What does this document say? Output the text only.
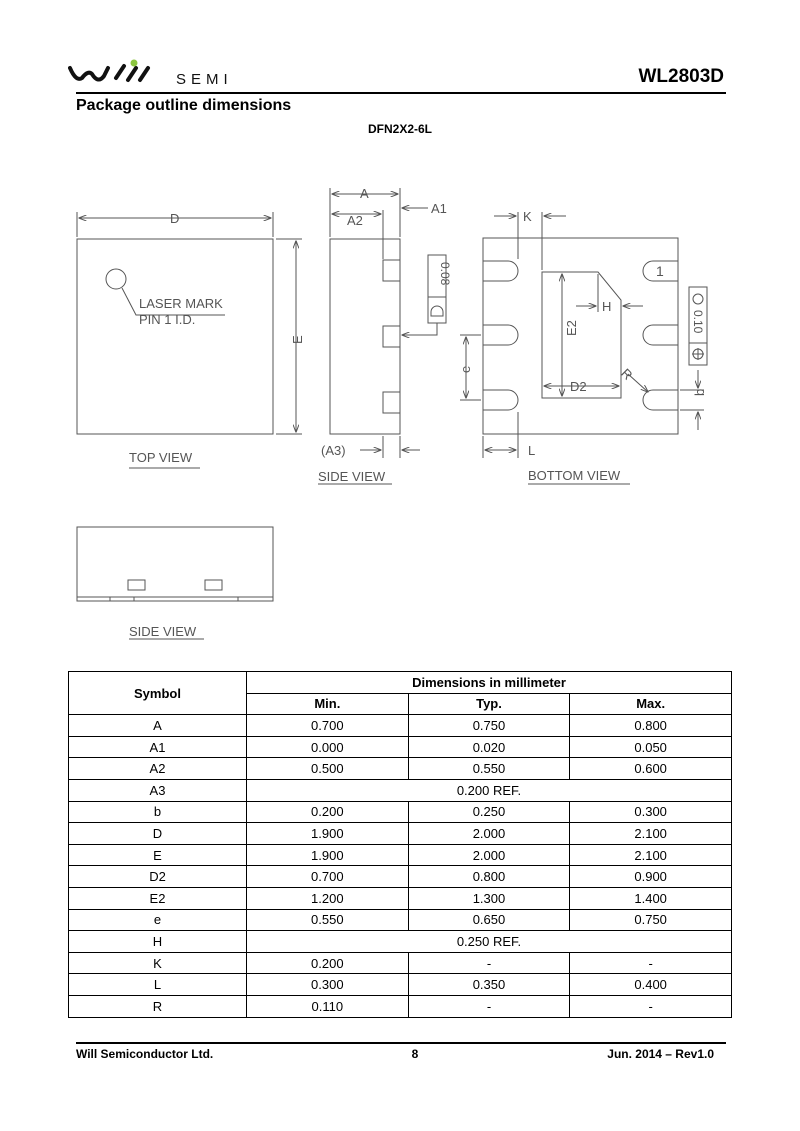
SEMI	WL2803D
Package outline dimensions
DFN2X2-6L
D
E
LASER MARK
PIN 1 I.D.
A
A2
A1
(A3)
0.08
K
H
E2
D2
R
e
b
L
1
0.10
TOP VIEW
SIDE VIEW	BOTTOM VIEW
SIDE VIEW
Symbol	Dimensions in millimeter		
	Min.	Typ.	Max.
A	0.700	0.750	0.800
A1	0.000	0.020	0.050
A2	0.500	0.550	0.600
A3	0.200 REF.		
b	0.200	0.250	0.300
D	1.900	2.000	2.100
E	1.900	2.000	2.100
D2	0.700	0.800	0.900
E2	1.200	1.300	1.400
e	0.550	0.650	0.750
H	0.250 REF.		
K	0.200	-	-
L	0.300	0.350	0.400
R	0.110	-	-
Will Semiconductor Ltd.	8	Jun. 2014 – Rev1.0
